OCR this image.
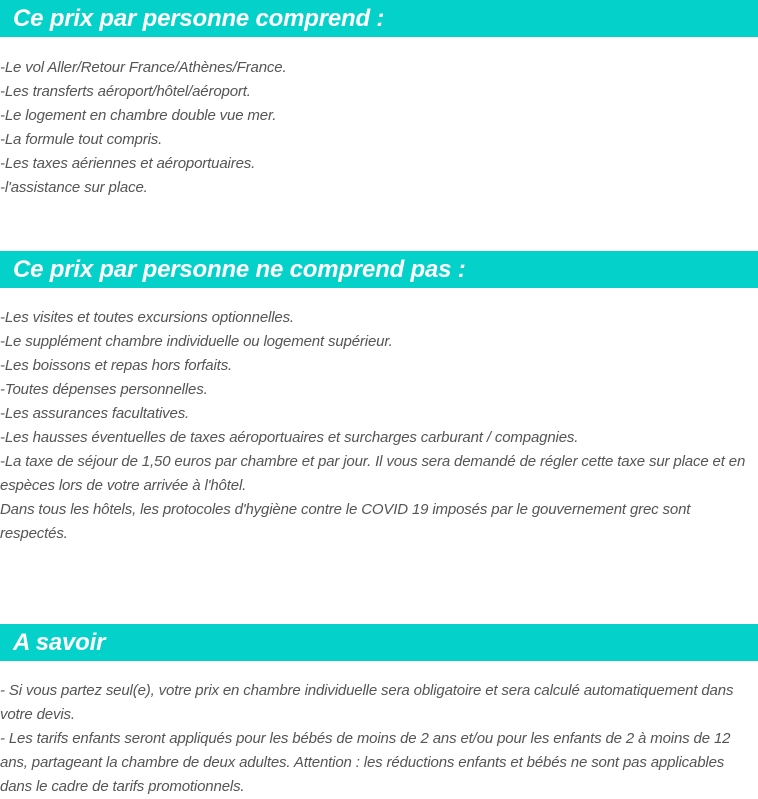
Ce prix par personne comprend :

-Le vol Aller/Retour France/Athènes/France.

-Les transferts aéroport/hôtel/aéroport.

-Le logement en chambre double vue mer.

-La formule tout compris.

-Les taxes aériennes et aéroportuaires.

-l'assistance sur place.

Ce prix par personne ne comprend pas :

-Les visites et toutes excursions optionnelles.

-Le supplément chambre individuelle ou logement supérieur.

-Les boissons et repas hors forfaits.

-Toutes dépenses personnelles.

-Les assurances facultatives.

-Les hausses éventuelles de taxes aéroportuaires et surcharges carburant / compagnies.

-La taxe de séjour de 1,50 euros par chambre et par jour. Il vous sera demandé de régler cette taxe sur place et en espèces lors de votre arrivée à l'hôtel.

Dans tous les hôtels, les protocoles d'hygiène contre le COVID 19 imposés par le gouvernement grec sont respectés.

A savoir

- Si vous partez seul(e), votre prix en chambre individuelle sera obligatoire et sera calculé automatiquement dans votre devis.

- Les tarifs enfants seront appliqués pour les bébés de moins de 2 ans et/ou pour les enfants de 2 à moins de 12 ans, partageant la chambre de deux adultes. Attention : les réductions enfants et bébés ne sont pas applicables dans le cadre de tarifs promotionnels.
